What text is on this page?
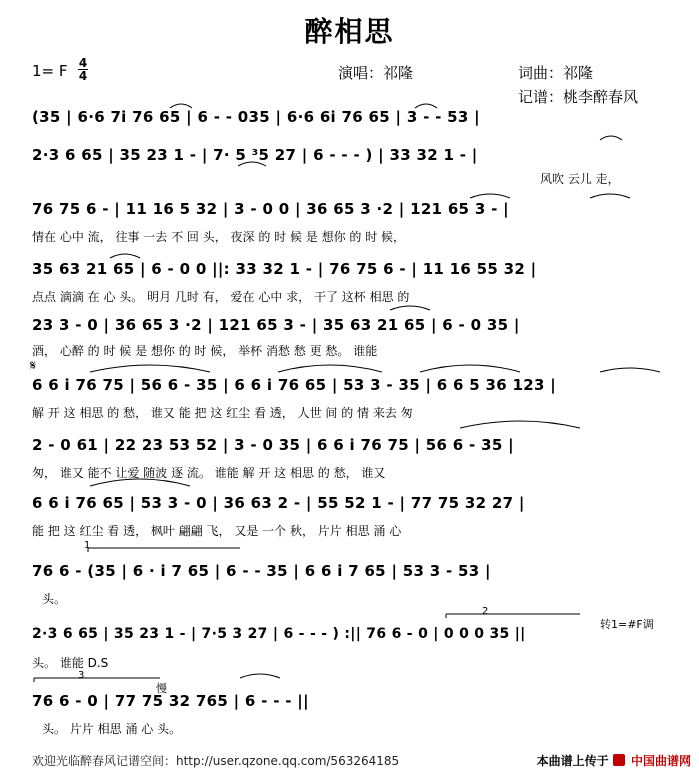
醉相思
1= F 4
4	演唱：祁隆	词曲：祁隆
记谱：桃李醉春风
1
2
3
转1=#F调
慢
𝄋
(35 | 6·6 7i 76 65 | 6 - - 035 | 6·6 6i 76 65 | 3 - - 53 |
2·3 6 65 | 35 23 1 - | 7· 5 ³5 27 | 6 - - - ) | 33 32 1 - |
风吹 云儿 走，
76 75 6 - | 11 16 5 32 | 3 - 0 0 | 36 65 3 ·2 | 121 65 3 - |
情在 心中 流， 往事 一去 不 回 头， 夜深 的 时 候 是 想你 的 时 候，
35 63 21 65 | 6 - 0 0 ||: 33 32 1 - | 76 75 6 - | 11 16 55 32 |
点点 滴滴 在 心 头。 明月 几时 有， 爱在 心中 求， 干了 这杯 相思 的
23 3 - 0 | 36 65 3 ·2 | 121 65 3 - | 35 63 21 65 | 6 - 0 35 |
酒， 心醉 的 时 候 是 想你 的 时 候， 举杯 消愁 愁 更 愁。 谁能
6 6 i 76 75 | 56 6 - 35 | 6 6 i 76 65 | 53 3 - 35 | 6 6 5 36 123 |
解 开 这 相思 的 愁， 谁又 能 把 这 红尘 看 透， 人世 间 的 情 来去 匆
2 - 0 61 | 22 23 53 52 | 3 - 0 35 | 6 6 i 76 75 | 56 6 - 35 |
匆， 谁又 能不 让爱 随波 逐 流。 谁能 解 开 这 相思 的 愁， 谁又
6 6 i 76 65 | 53 3 - 0 | 36 63 2 - | 55 52 1 - | 77 75 32 27 |
能 把 这 红尘 看 透， 枫叶 翩翩 飞， 又是 一个 秋， 片片 相思 涌 心
76 6 - (35 | 6 · i 7 65 | 6 - - 35 | 6 6 i 7 65 | 53 3 - 53 |
头。
2·3 6 65 | 35 23 1 - | 7·5 3 27 | 6 - - - ) :|| 76 6 - 0 | 0 0 0 35 ||
头。 谁能 D.S
76 6 - 0 | 77 75 32 765 | 6 - - - ||
头。 片片 相思 涌 心 头。
欢迎光临醉春风记谱空间：http://user.qzone.qq.com/563264185	本曲谱上传于 中国曲谱网
